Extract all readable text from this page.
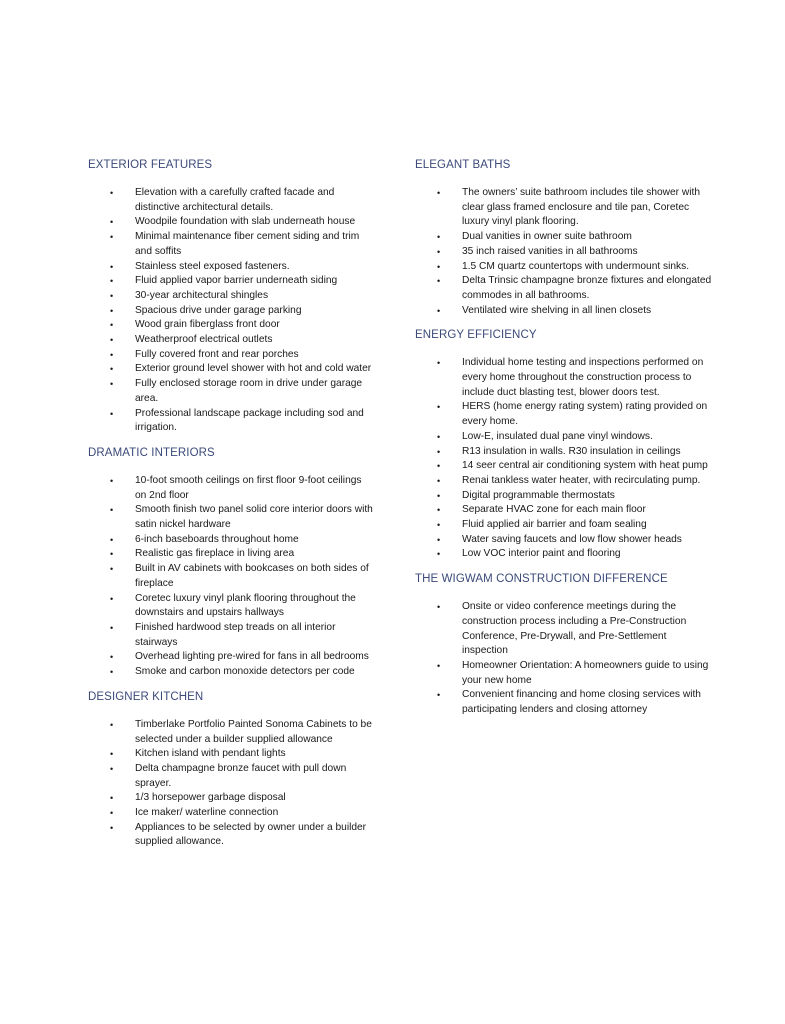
EXTERIOR FEATURES
• Elevation with a carefully crafted facade and distinctive architectural details.
• Woodpile foundation with slab underneath house
• Minimal maintenance fiber cement siding and trim and soffits
• Stainless steel exposed fasteners.
• Fluid applied vapor barrier underneath siding
• 30-year architectural shingles
• Spacious drive under garage parking
• Wood grain fiberglass front door
• Weatherproof electrical outlets
• Fully covered front and rear porches
• Exterior ground level shower with hot and cold water
• Fully enclosed storage room in drive under garage area.
• Professional landscape package including sod and irrigation.
DRAMATIC INTERIORS
• 10-foot smooth ceilings on first floor 9-foot ceilings on 2nd floor
• Smooth finish two panel solid core interior doors with satin nickel hardware
• 6-inch baseboards throughout home
• Realistic gas fireplace in living area
• Built in AV cabinets with bookcases on both sides of fireplace
• Coretec luxury vinyl plank flooring throughout the downstairs and upstairs hallways
• Finished hardwood step treads on all interior stairways
• Overhead lighting pre-wired for fans in all bedrooms
• Smoke and carbon monoxide detectors per code
DESIGNER KITCHEN
• Timberlake Portfolio Painted Sonoma Cabinets to be selected under a builder supplied allowance
• Kitchen island with pendant lights
• Delta champagne bronze faucet with pull down sprayer.
• 1/3 horsepower garbage disposal
• Ice maker/ waterline connection
• Appliances to be selected by owner under a builder supplied allowance.
ELEGANT BATHS
• The owners’ suite bathroom includes tile shower with clear glass framed enclosure and tile pan, Coretec luxury vinyl plank flooring.
• Dual vanities in owner suite bathroom
• 35 inch raised vanities in all bathrooms
• 1.5 CM quartz countertops with undermount sinks.
• Delta Trinsic champagne bronze fixtures and elongated commodes in all bathrooms.
• Ventilated wire shelving in all linen closets
ENERGY EFFICIENCY
• Individual home testing and inspections performed on every home throughout the construction process to include duct blasting test, blower doors test.
• HERS (home energy rating system) rating provided on every home.
• Low-E, insulated dual pane vinyl windows.
• R13 insulation in walls. R30 insulation in ceilings
• 14 seer central air conditioning system with heat pump
• Renai tankless water heater, with recirculating pump.
• Digital programmable thermostats
• Separate HVAC zone for each main floor
• Fluid applied air barrier and foam sealing
• Water saving faucets and low flow shower heads
• Low VOC interior paint and flooring
THE WIGWAM CONSTRUCTION DIFFERENCE
• Onsite or video conference meetings during the construction process including a Pre-Construction Conference, Pre-Drywall, and Pre-Settlement inspection
• Homeowner Orientation: A homeowners guide to using your new home
• Convenient financing and home closing services with participating lenders and closing attorney
